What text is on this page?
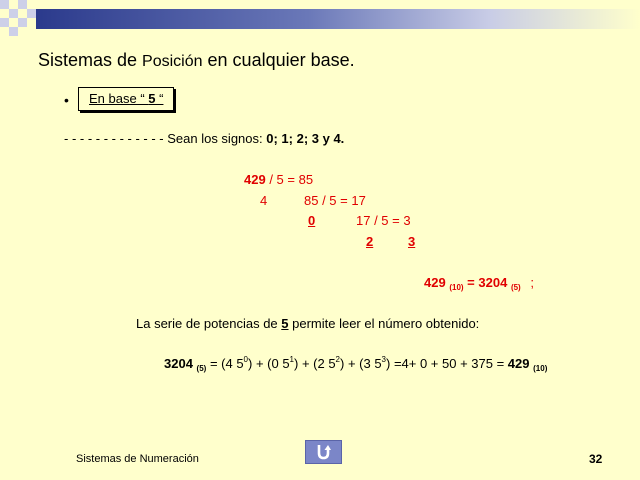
Sistemas de Posición en cualquier base.
• En base “ 5 “
- - - - - - - - - - - - - Sean los signos: 0; 1; 2; 3 y 4.
429 / 5 = 85
4	85 / 5 = 17
0	17 / 5 = 3
2	3
429 $_{(10)}$ = 3204 $_{(5)}$ ;
La serie de potencias de 5 permite leer el número obtenido:
3204 $_{(5)}$ = (4 $5^0) + (0$ $5^1) + (2$ $5^2) + (3$ $5^3) =4+ 0 + 50 + 375 = 429$ $_{(10)}$
Sistemas de Numeración	32
